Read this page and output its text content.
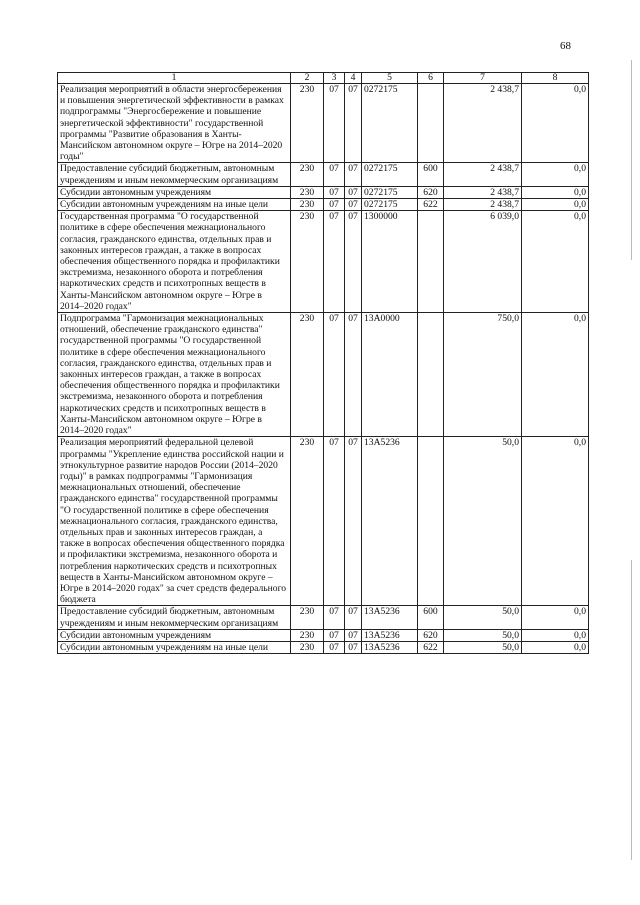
68
1	2	3	4	5	6	7	8
Реализация мероприятий в области энергосбережения и повышения энергетической эффективности в рамках подпрограммы "Энергосбережение и повышение энергетической эффективности" государственной программы "Развитие образования в Ханты-Мансийском автономном округе – Югре на 2014–2020 годы"	230	07	07	0272175		2 438,7	0,0
Предоставление субсидий бюджетным, автономным учреждениям и иным некоммерческим организациям	230	07	07	0272175	600	2 438,7	0,0
Субсидии автономным учреждениям	230	07	07	0272175	620	2 438,7	0,0
Субсидии автономным учреждениям на иные цели	230	07	07	0272175	622	2 438,7	0,0
Государственная программа "О государственной политике в сфере обеспечения межнационального согласия, гражданского единства, отдельных прав и законных интересов граждан, а также в вопросах обеспечения общественного порядка и профилактики экстремизма, незаконного оборота и потребления наркотических средств и психотропных веществ в Ханты-Мансийском автономном округе – Югре в 2014–2020 годах"	230	07	07	1300000		6 039,0	0,0
Подпрограмма "Гармонизация межнациональных отношений, обеспечение гражданского единства" государственной программы "О государственной политике в сфере обеспечения межнационального согласия, гражданского единства, отдельных прав и законных интересов граждан, а также в вопросах обеспечения общественного порядка и профилактики экстремизма, незаконного оборота и потребления наркотических средств и психотропных веществ в Ханты-Мансийском автономном округе – Югре в 2014–2020 годах"	230	07	07	13А0000		750,0	0,0
Реализация мероприятий федеральной целевой программы "Укрепление единства российской нации и этнокультурное развитие народов России (2014–2020 годы)" в рамках подпрограммы "Гармонизация межнациональных отношений, обеспечение гражданского единства" государственной программы "О государственной политике в сфере обеспечения межнационального согласия, гражданского единства, отдельных прав и законных интересов граждан, а также в вопросах обеспечения общественного порядка и профилактики экстремизма, незаконного оборота и потребления наркотических средств и психотропных веществ в Ханты-Мансийском автономном округе – Югре в 2014–2020 годах" за счет средств федерального бюджета	230	07	07	13А5236		50,0	0,0
Предоставление субсидий бюджетным, автономным учреждениям и иным некоммерческим организациям	230	07	07	13А5236	600	50,0	0,0
Субсидии автономным учреждениям	230	07	07	13А5236	620	50,0	0,0
Субсидии автономным учреждениям на иные цели	230	07	07	13А5236	622	50,0	0,0
